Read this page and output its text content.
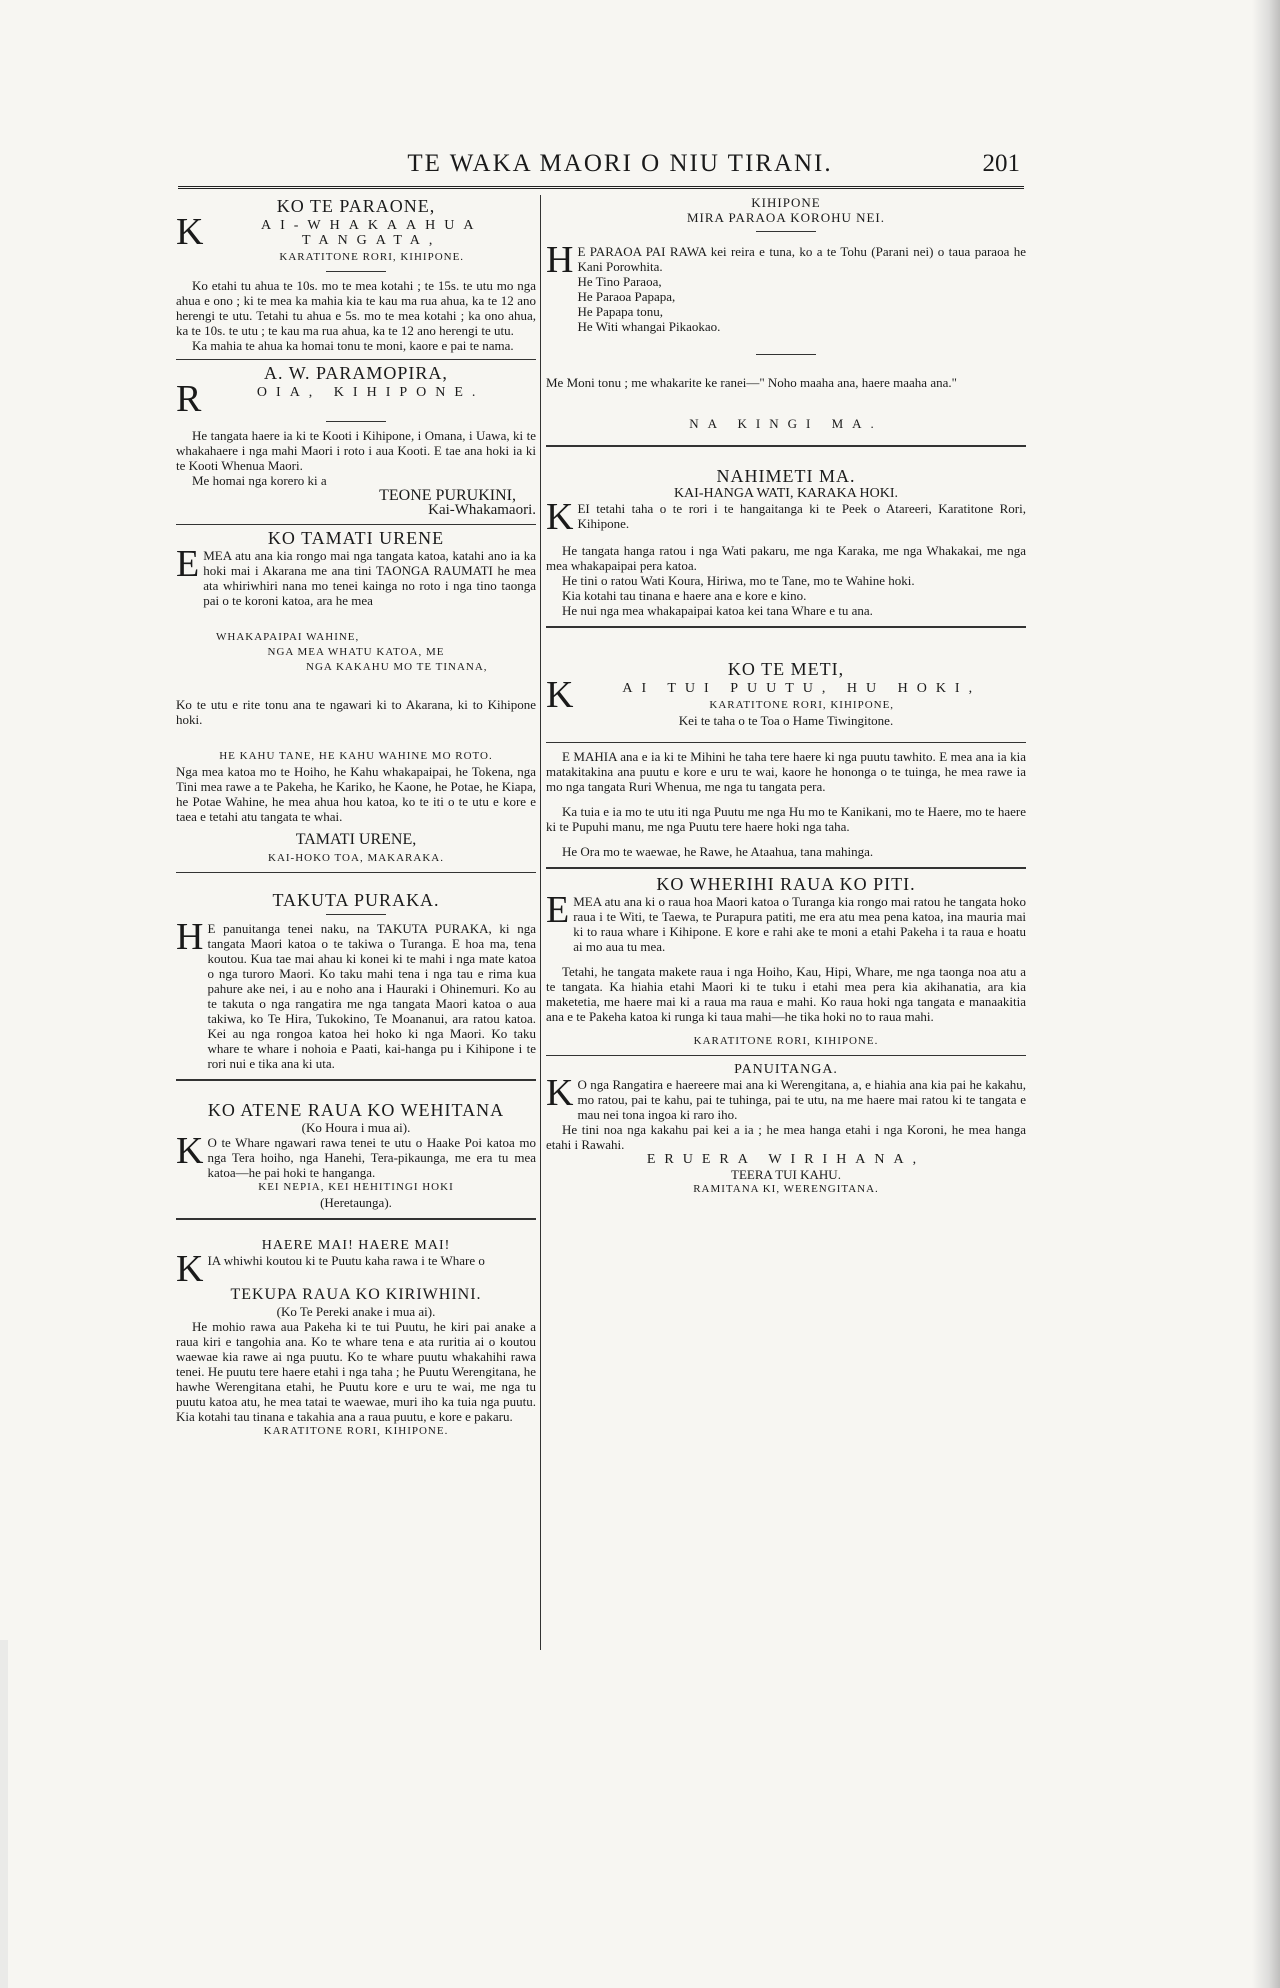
TE WAKA MAORI O NIU TIRANI.	201
KO TE PARAONE,
K	AI-WHAKAAHUA TANGATA,
KARATITONE RORI, KIHIPONE.

Ko etahi tu ahua te 10s. mo te mea kotahi ; te 15s. te utu mo nga ahua e ono ; ki te mea ka mahia kia te kau ma rua ahua, ka te 12 ano herengi te utu. Tetahi tu ahua e 5s. mo te mea kotahi ; ka ono ahua, ka te 10s. te utu ; te kau ma rua ahua, ka te 12 ano herengi te utu.

Ka mahia te ahua ka homai tonu te moni, kaore e pai te nama.

A. W. PARAMOPIRA,
R	OIA, KIHIPONE.

He tangata haere ia ki te Kooti i Kihipone, i Omana, i Uawa, ki te whakahaere i nga mahi Maori i roto i aua Kooti. E tae ana hoki ia ki te Kooti Whenua Maori.

Me homai nga korero ki a

TEONE PURUKINI,
Kai-Whakamaori.
KO TAMATI URENE
E MEA atu ana kia rongo mai nga tangata katoa, katahi ano ia ka hoki mai i Akarana me ana tini TAONGA RAUMATI he mea ata whiriwhiri nana mo tenei kainga no roto i nga tino taonga pai o te koroni katoa, ara he mea

WHAKAPAIPAI WAHINE,
NGA MEA WHATU KATOA, ME
NGA KAKAHU MO TE TINANA,

Ko te utu e rite tonu ana te ngawari ki to Akarana, ki to Kihipone hoki.

HE KAHU TANE, HE KAHU WAHINE MO ROTO.

Nga mea katoa mo te Hoiho, he Kahu whakapaipai, he Tokena, nga Tini mea rawe a te Pakeha, he Kariko, he Kaone, he Potae, he Kiapa, he Potae Wahine, he mea ahua hou katoa, ko te iti o te utu e kore e taea e tetahi atu tangata te whai.

TAMATI URENE,
KAI-HOKO TOA, MAKARAKA.
TAKUTA PURAKA.
H E panuitanga tenei naku, na TAKUTA PURAKA, ki nga tangata Maori katoa o te takiwa o Turanga. E hoa ma, tena koutou. Kua tae mai ahau ki konei ki te mahi i nga mate katoa o nga turoro Maori. Ko taku mahi tena i nga tau e rima kua pahure ake nei, i au e noho ana i Hauraki i Ohinemuri. Ko au te takuta o nga rangatira me nga tangata Maori katoa o aua takiwa, ko Te Hira, Tukokino, Te Moananui, ara ratou katoa. Kei au nga rongoa katoa hei hoko ki nga Maori. Ko taku whare te whare i nohoia e Paati, kai-hanga pu i Kihipone i te rori nui e tika ana ki uta.

KO ATENE RAUA KO WEHITANA
(Ko Houra i mua ai).
K O te Whare ngawari rawa tenei te utu o Haake Poi katoa mo nga Tera hoiho, nga Hanehi, Tera-pikaunga, me era tu mea katoa—he pai hoki te hanganga.

KEI NEPIA, KEI HEHITINGI HOKI
(Heretaunga).
HAERE MAI! HAERE MAI!
K IA whiwhi koutou ki te Puutu kaha rawa i te Whare o

TEKUPA RAUA KO KIRIWHINI.
(Ko Te Pereki anake i mua ai).

He mohio rawa aua Pakeha ki te tui Puutu, he kiri pai anake a raua kiri e tangohia ana. Ko te whare tena e ata ruritia ai o koutou waewae kia rawe ai nga puutu. Ko te whare puutu whakahihi rawa tenei. He puutu tere haere etahi i nga taha ; he Puutu Werengitana, he hawhe Werengitana etahi, he Puutu kore e uru te wai, me nga tu puutu katoa atu, he mea tatai te waewae, muri iho ka tuia nga puutu. Kia kotahi tau tinana e takahia ana a raua puutu, e kore e pakaru.

KARATITONE RORI, KIHIPONE.
KIHIPONE
MIRA PARAOA KOROHU NEI.
H E PARAOA PAI RAWA kei reira e tuna, ko a te Tohu (Parani nei) o taua paraoa he Kani Porowhita.

He Tino Paraoa,
He Paraoa Papapa,
He Papapa tonu,
He Witi whangai Pikaokao.

Me Moni tonu ; me whakarite ke ranei—" Noho maaha ana, haere maaha ana."

NA KINGI MA.
NAHIMETI MA.
KAI-HANGA WATI, KARAKA HOKI.
K EI tetahi taha o te rori i te hangaitanga ki te Peek o Atareeri, Karatitone Rori, Kihipone.

He tangata hanga ratou i nga Wati pakaru, me nga Karaka, me nga Whakakai, me nga mea whakapaipai pera katoa.

He tini o ratou Wati Koura, Hiriwa, mo te Tane, mo te Wahine hoki.

Kia kotahi tau tinana e haere ana e kore e kino.

He nui nga mea whakapaipai katoa kei tana Whare e tu ana.

KO TE METI,
K	AI TUI PUUTU, HU HOKI,
KARATITONE RORI, KIHIPONE,
Kei te taha o te Toa o Hame Tiwingitone.

E MAHIA ana e ia ki te Mihini he taha tere haere ki nga puutu tawhito. E mea ana ia kia matakitakina ana puutu e kore e uru te wai, kaore he hononga o te tuinga, he mea rawe ia mo nga tangata Ruri Whenua, me nga tu tangata pera.

Ka tuia e ia mo te utu iti nga Puutu me nga Hu mo te Kanikani, mo te Haere, mo te haere ki te Pupuhi manu, me nga Puutu tere haere hoki nga taha.

He Ora mo te waewae, he Rawe, he Ataahua, tana mahinga.

KO WHERIHI RAUA KO PITI.
E MEA atu ana ki o raua hoa Maori katoa o Turanga kia rongo mai ratou he tangata hoko raua i te Witi, te Taewa, te Purapura patiti, me era atu mea pena katoa, ina mauria mai ki to raua whare i Kihipone. E kore e rahi ake te moni a etahi Pakeha i ta raua e hoatu ai mo aua tu mea.

Tetahi, he tangata makete raua i nga Hoiho, Kau, Hipi, Whare, me nga taonga noa atu a te tangata. Ka hiahia etahi Maori ki te tuku i etahi mea pera kia akihanatia, ara kia maketetia, me haere mai ki a raua ma raua e mahi. Ko raua hoki nga tangata e manaakitia ana e te Pakeha katoa ki runga ki taua mahi—he tika hoki no to raua mahi.

KARATITONE RORI, KIHIPONE.
PANUITANGA.
K O nga Rangatira e haereere mai ana ki Werengitana, a, e hiahia ana kia pai he kakahu, mo ratou, pai te kahu, pai te tuhinga, pai te utu, na me haere mai ratou ki te tangata e mau nei tona ingoa ki raro iho.

He tini noa nga kakahu pai kei a ia ; he mea hanga etahi i nga Koroni, he mea hanga etahi i Rawahi.

ERUERA WIRIHANA,
TEERA TUI KAHU.
RAMITANA KI, WERENGITANA.
